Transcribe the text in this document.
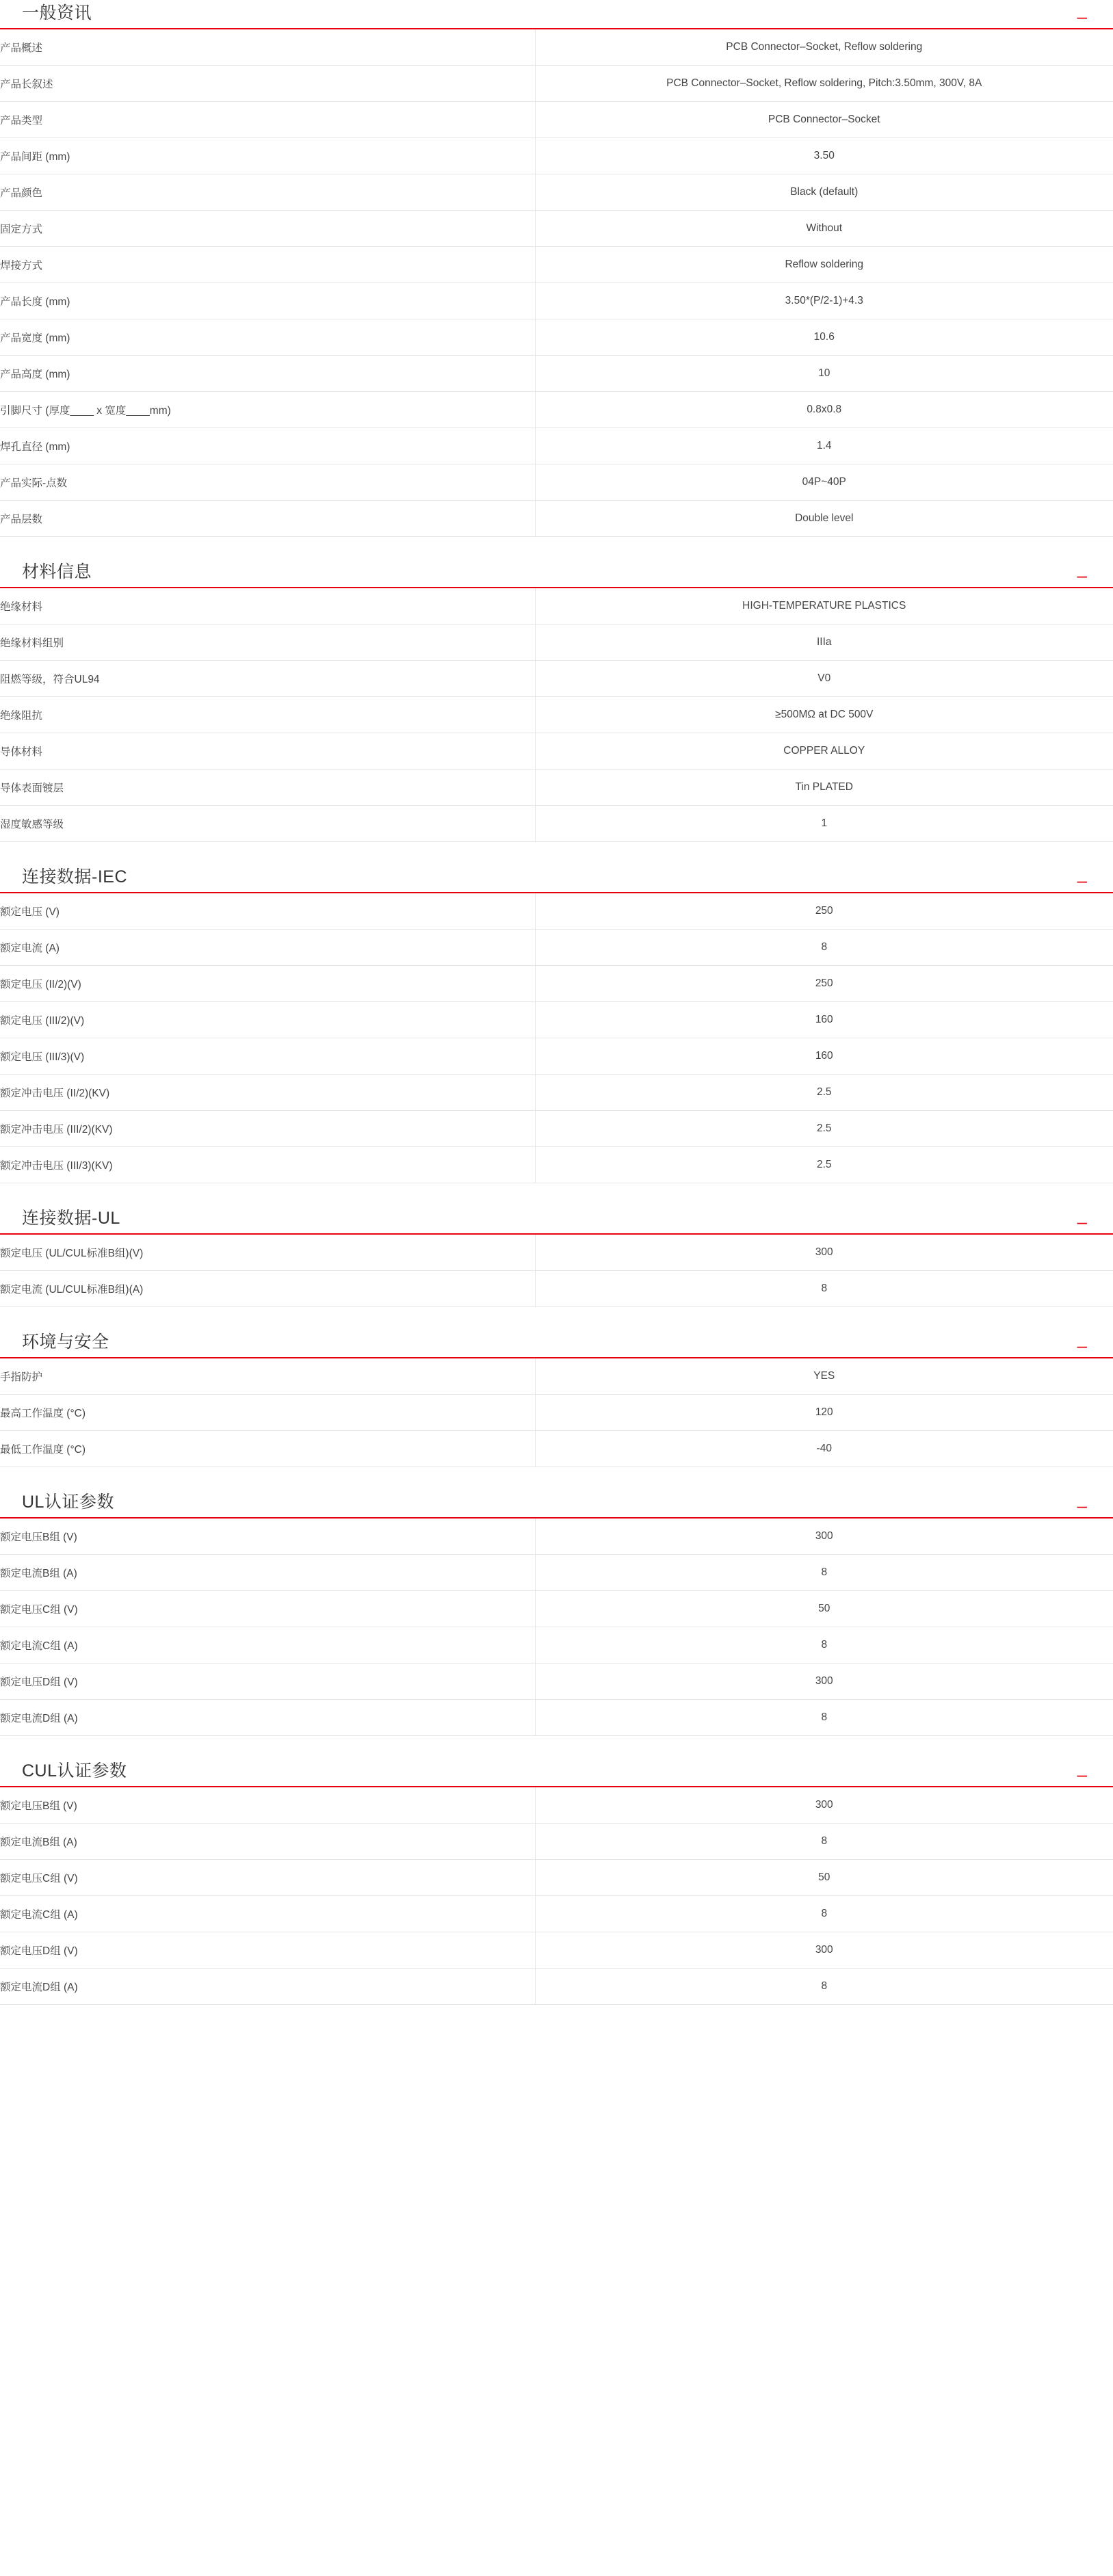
一般资讯	–
产品概述	PCB Connector–Socket, Reflow soldering
产品长叙述	PCB Connector–Socket, Reflow soldering, Pitch:3.50mm, 300V, 8A
产品类型	PCB Connector–Socket
产品间距 (mm)	3.50
产品颜色	Black (default)
固定方式	Without
焊接方式	Reflow soldering
产品长度 (mm)	3.50*(P/2-1)+4.3
产品宽度 (mm)	10.6
产品高度 (mm)	10
引脚尺寸 (厚度____ x 宽度____mm)	0.8x0.8
焊孔直径 (mm)	1.4
产品实际-点数	04P~40P
产品层数	Double level
材料信息	–
绝缘材料	HIGH-TEMPERATURE PLASTICS
绝缘材料组别	IIIa
阻燃等级，符合UL94	V0
绝缘阻抗	≥500MΩ at DC 500V
导体材料	COPPER ALLOY
导体表面镀层	Tin PLATED
湿度敏感等级	1
连接数据-IEC	–
额定电压 (V)	250
额定电流 (A)	8
额定电压 (II/2)(V)	250
额定电压 (III/2)(V)	160
额定电压 (III/3)(V)	160
额定冲击电压 (II/2)(KV)	2.5
额定冲击电压 (III/2)(KV)	2.5
额定冲击电压 (III/3)(KV)	2.5
连接数据-UL	–
额定电压 (UL/CUL标准B组)(V)	300
额定电流 (UL/CUL标准B组)(A)	8
环境与安全	–
手指防护	YES
最高工作温度 (°C)	120
最低工作温度 (°C)	-40
UL认证参数	–
额定电压B组 (V)	300
额定电流B组 (A)	8
额定电压C组 (V)	50
额定电流C组 (A)	8
额定电压D组 (V)	300
额定电流D组 (A)	8
CUL认证参数	–
额定电压B组 (V)	300
额定电流B组 (A)	8
额定电压C组 (V)	50
额定电流C组 (A)	8
额定电压D组 (V)	300
额定电流D组 (A)	8
